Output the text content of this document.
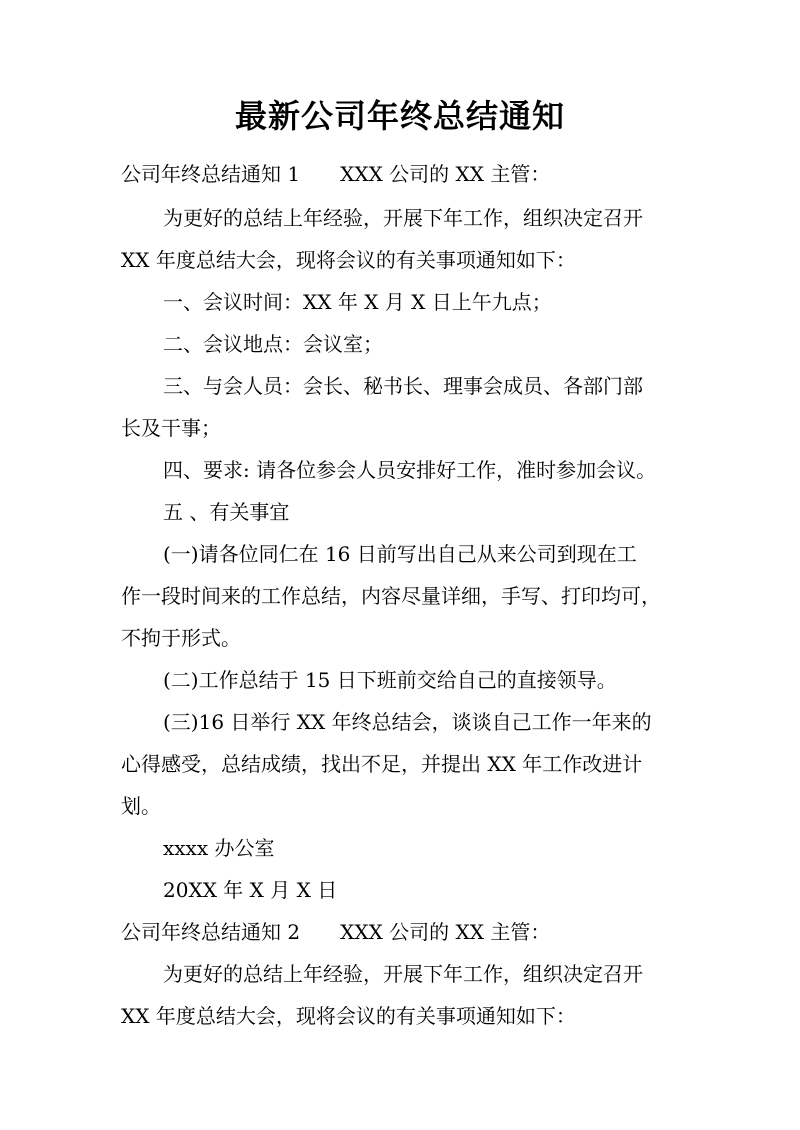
最新公司年终总结通知
公司年终总结通知 1 XXX 公司的 XX 主管：
为更好的总结上年经验，开展下年工作，组织决定召开
XX 年度总结大会，现将会议的有关事项通知如下：
一、会议时间：XX 年 X 月 X 日上午九点；
二、会议地点：会议室；
三、与会人员：会长、秘书长、理事会成员、各部门部
长及干事；
四、要求: 请各位参会人员安排好工作，准时参加会议。
五 、有关事宜
(一)请各位同仁在 16 日前写出自己从来公司到现在工
作一段时间来的工作总结，内容尽量详细，手写、打印均可，
不拘于形式。
(二)工作总结于 15 日下班前交给自己的直接领导。
(三)16 日举行 XX 年终总结会，谈谈自己工作一年来的
心得感受，总结成绩，找出不足，并提出 XX 年工作改进计
划。
xxxx 办公室
20XX 年 X 月 X 日
公司年终总结通知 2 XXX 公司的 XX 主管：
为更好的总结上年经验，开展下年工作，组织决定召开
XX 年度总结大会，现将会议的有关事项通知如下：
